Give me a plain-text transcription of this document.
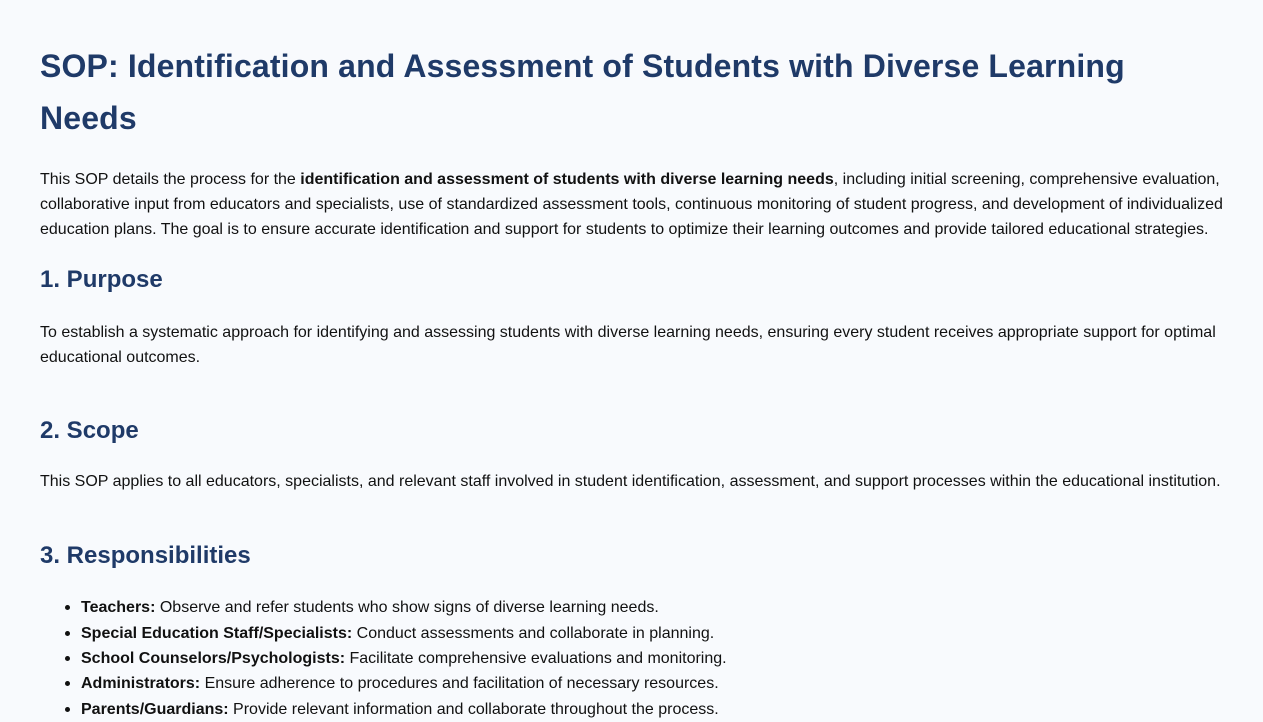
SOP: Identification and Assessment of Students with Diverse Learning Needs

This SOP details the process for the identification and assessment of students with diverse learning needs, including initial screening, comprehensive evaluation, collaborative input from educators and specialists, use of standardized assessment tools, continuous monitoring of student progress, and development of individualized education plans. The goal is to ensure accurate identification and support for students to optimize their learning outcomes and provide tailored educational strategies.

1. Purpose

To establish a systematic approach for identifying and assessing students with diverse learning needs, ensuring every student receives appropriate support for optimal educational outcomes.

2. Scope

This SOP applies to all educators, specialists, and relevant staff involved in student identification, assessment, and support processes within the educational institution.

3. Responsibilities
Teachers: Observe and refer students who show signs of diverse learning needs.
Special Education Staff/Specialists: Conduct assessments and collaborate in planning.
School Counselors/Psychologists: Facilitate comprehensive evaluations and monitoring.
Administrators: Ensure adherence to procedures and facilitation of necessary resources.
Parents/Guardians: Provide relevant information and collaborate throughout the process.
